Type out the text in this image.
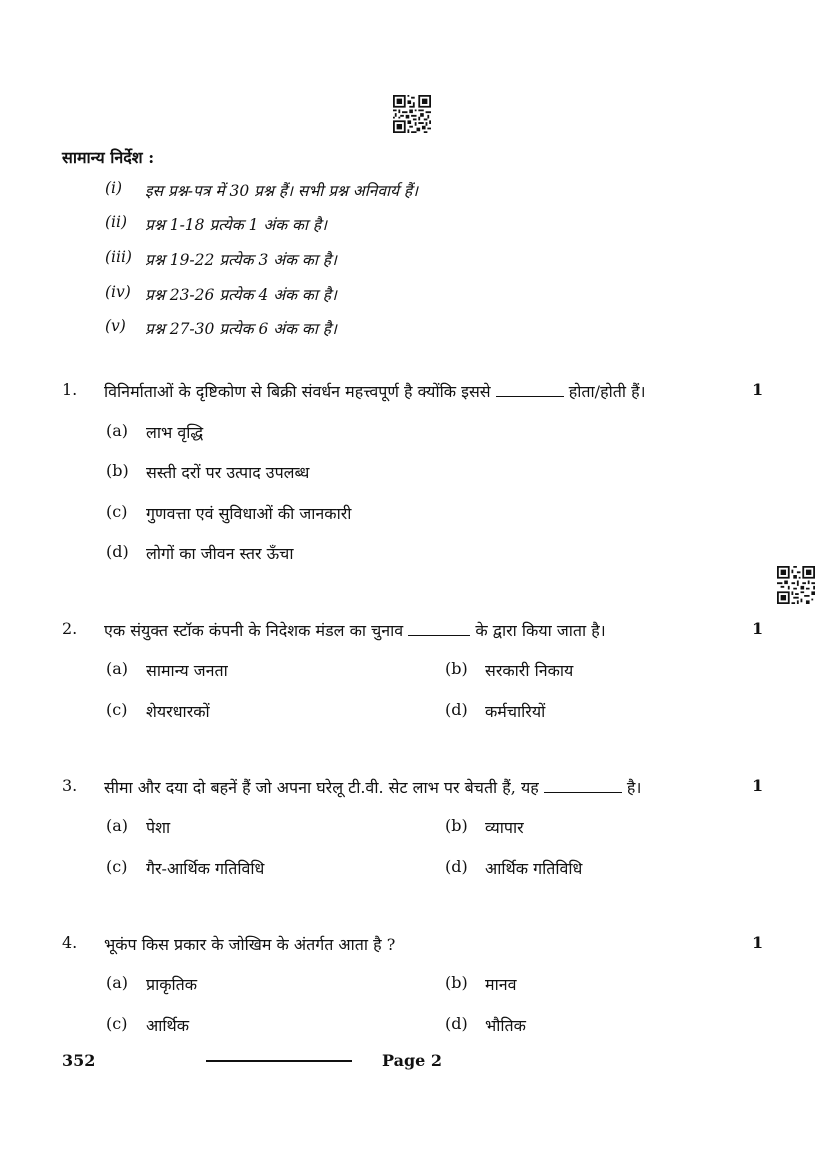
सामान्य निर्देश :
(i)	इस प्रश्न-पत्र में 30 प्रश्न हैं। सभी प्रश्न अनिवार्य हैं।
(ii)	प्रश्न 1-18 प्रत्येक 1 अंक का है।
(iii) प्रश्न 19-22 प्रत्येक 3 अंक का है।
(iv) प्रश्न 23-26 प्रत्येक 4 अंक का है।
(v)	प्रश्न 27-30 प्रत्येक 6 अंक का है।
1. विनिर्माताओं के दृष्टिकोण से बिक्री संवर्धन महत्त्वपूर्ण है क्योंकि इससे	होता/होती हैं।	1
(a)	लाभ वृद्धि
(b)	सस्ती दरों पर उत्पाद उपलब्ध
(c)	गुणवत्ता एवं सुविधाओं की जानकारी
(d)	लोगों का जीवन स्तर ऊँचा
2. एक संयुक्त स्टॉक कंपनी के निदेशक मंडल का चुनाव	के द्वारा किया जाता है।	1
(a)	सामान्य जनता	(b)	सरकारी निकाय
(c)	शेयरधारकों	(d)	कर्मचारियों
3. सीमा और दया दो बहनें हैं जो अपना घरेलू टी.वी. सेट लाभ पर बेचती हैं, यह	है।	1
(a)	पेशा	(b)	व्यापार
(c)	गैर-आर्थिक गतिविधि	(d)	आर्थिक गतिविधि
4. भूकंप किस प्रकार के जोखिम के अंतर्गत आता है ?	1
(a)	प्राकृतिक	(b)	मानव
(c)	आर्थिक	(d)	भौतिक
352	Page 2
